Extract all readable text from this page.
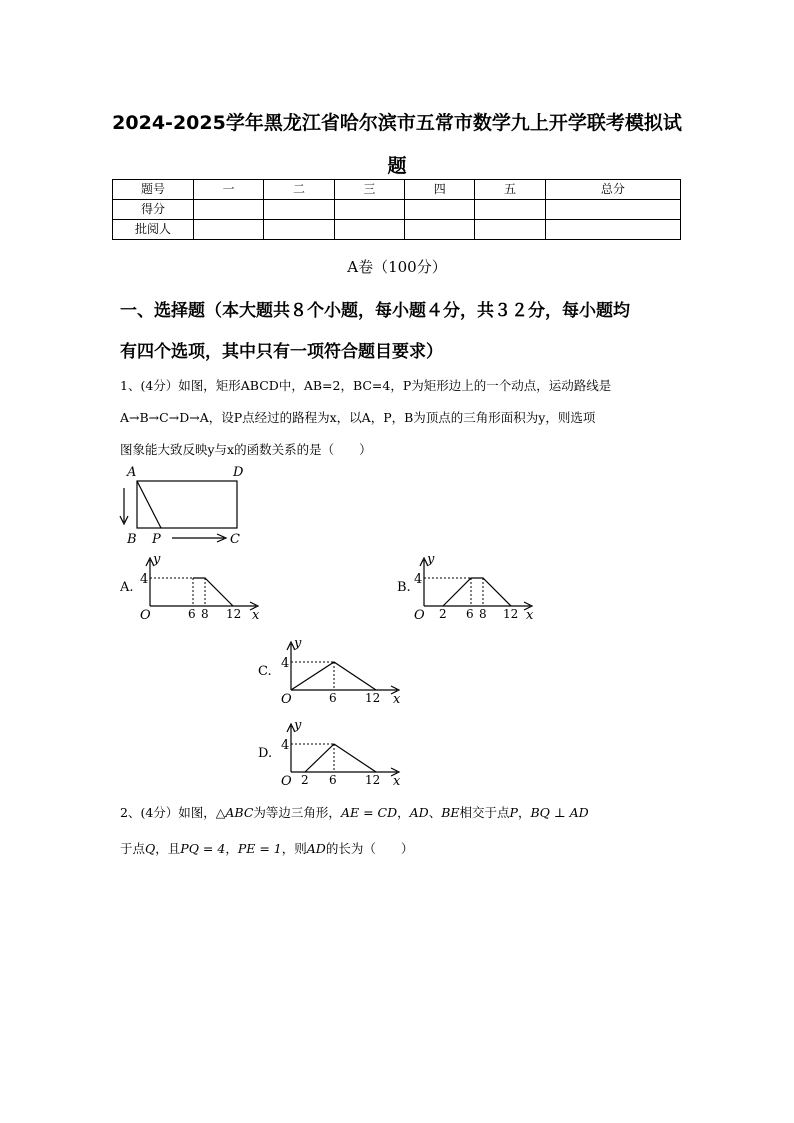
2024-2025学年黑龙江省哈尔滨市五常市数学九上开学联考模拟试
题
题号	一	二	三	四	五	总分
得分						
批阅人						
A卷（100分）
一、选择题（本大题共８个小题，每小题４分，共３２分，每小题均
有四个选项，其中只有一项符合题目要求）
1、(4分）如图，矩形ABCD中，AB=2，BC=4，P为矩形边上的一个动点，运动路线是
A→B→C→D→A，设P点经过的路程为x，以A，P，B为顶点的三角形面积为y，则选项
图象能大致反映y与x的函数关系的是（　　）
A	D
B P	C
A.
y
x
O
4
6 8 12
B.
y
x
O
4
2 6 8 12
C.
y
x
O
4
6 12
D.
y
x
O
4
2 6 12
2、(4分）如图，△ABC为等边三角形，AE = CD，AD、BE相交于点P，BQ ⊥ AD
于点Q，且PQ = 4，PE = 1，则AD的长为（　　）
